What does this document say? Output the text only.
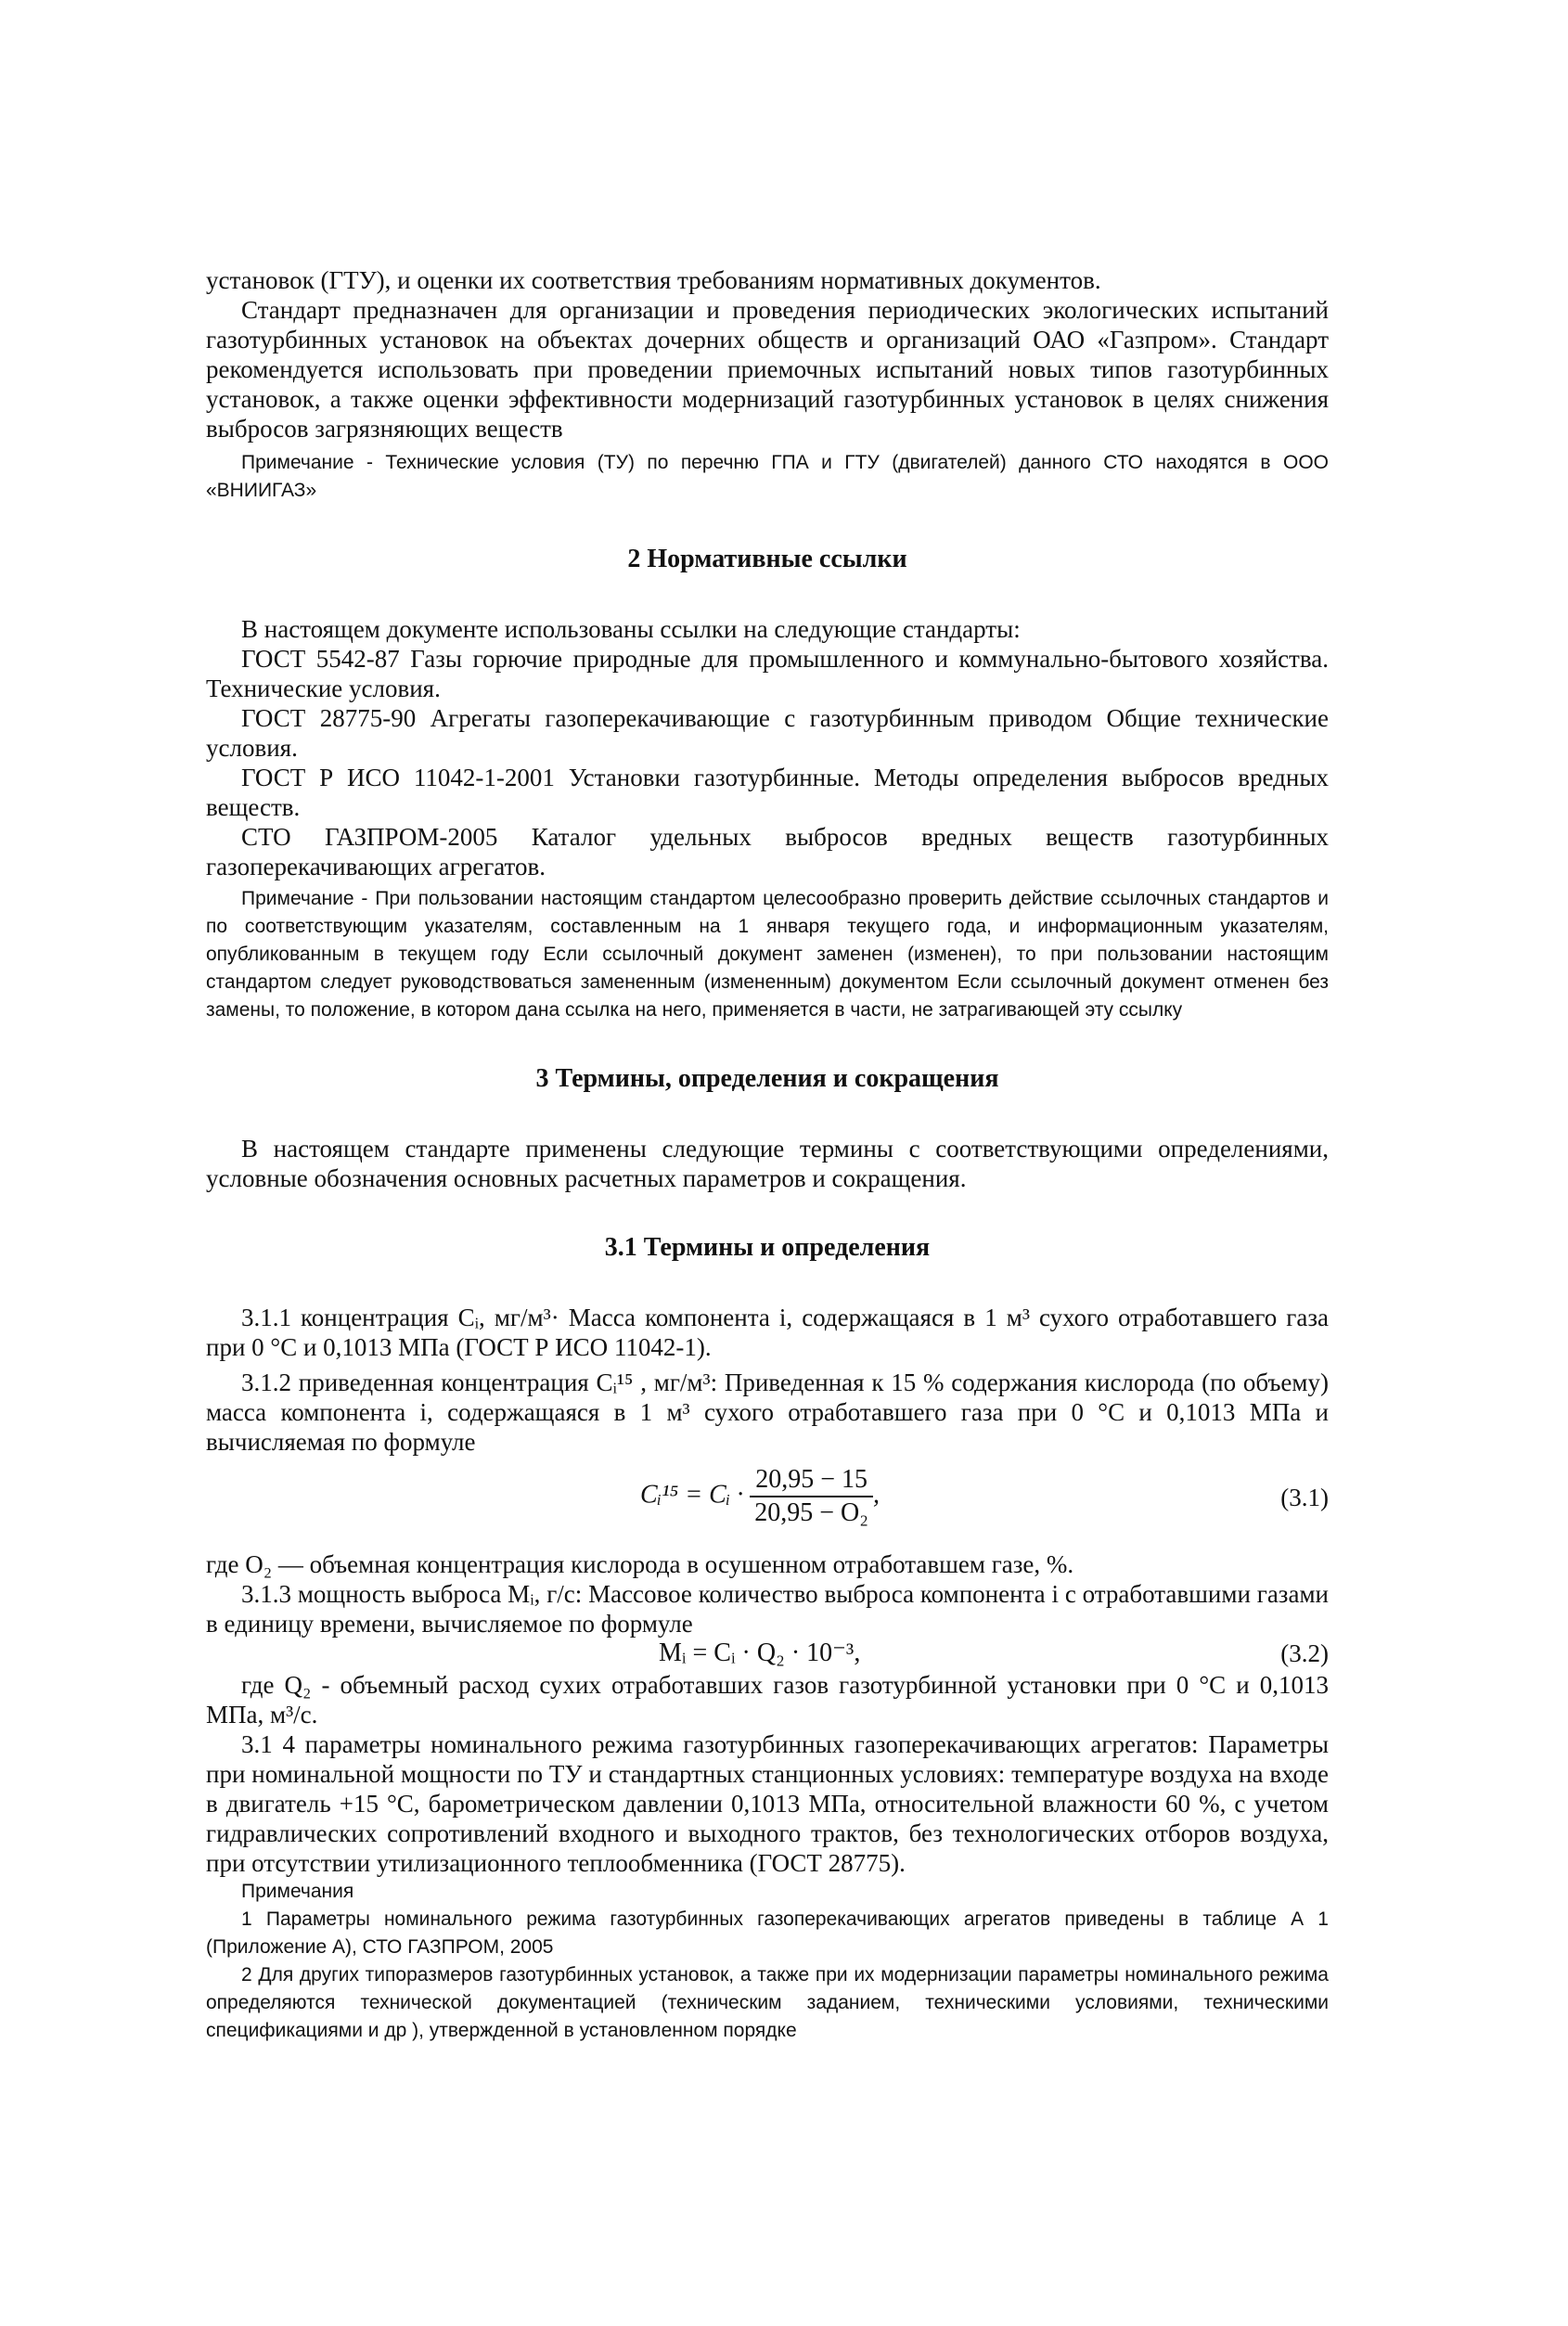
установок (ГТУ), и оценки их соответствия требованиям нормативных документов.

Стандарт предназначен для организации и проведения периодических экологических испытаний газотурбинных установок на объектах дочерних обществ и организаций ОАО «Газпром». Стандарт рекомендуется использовать при проведении приемочных испытаний новых типов газотурбинных установок, а также оценки эффективности модернизаций газотурбинных установок в целях снижения выбросов загрязняющих веществ

Примечание - Технические условия (ТУ) по перечню ГПА и ГТУ (двигателей) данного СТО находятся в ООО «ВНИИГАЗ»

2 Нормативные ссылки

В настоящем документе использованы ссылки на следующие стандарты:

ГОСТ 5542-87 Газы горючие природные для промышленного и коммунально-бытового хозяйства. Технические условия.

ГОСТ 28775-90 Агрегаты газоперекачивающие с газотурбинным приводом Общие технические условия.

ГОСТ Р ИСО 11042-1-2001 Установки газотурбинные. Методы определения выбросов вредных веществ.

СТО ГАЗПРОМ-2005 Каталог удельных выбросов вредных веществ газотурбинных газоперекачивающих агрегатов.

Примечание - При пользовании настоящим стандартом целесообразно проверить действие ссылочных стандартов и по соответствующим указателям, составленным на 1 января текущего года, и информационным указателям, опубликованным в текущем году Если ссылочный документ заменен (изменен), то при пользовании настоящим стандартом следует руководствоваться замененным (измененным) документом Если ссылочный документ отменен без замены, то положение, в котором дана ссылка на него, применяется в части, не затрагивающей эту ссылку

3 Термины, определения и сокращения

В настоящем стандарте применены следующие термины с соответствующими определениями, условные обозначения основных расчетных параметров и сокращения.

3.1 Термины и определения

3.1.1 концентрация Cᵢ, мг/м³· Масса компонента i, содержащаяся в 1 м³ сухого отработавшего газа при 0 °С и 0,1013 МПа (ГОСТ Р ИСО 11042-1).

3.1.2 приведенная концентрация Cᵢ¹⁵ , мг/м³: Приведенная к 15 % содержания кислорода (по объему) масса компонента i, содержащаяся в 1 м³ сухого отработавшего газа при 0 °С и 0,1013 МПа и вычисляемая по формуле

Cᵢ¹⁵ = Cᵢ · $\frac{20,95 - 15}{\text{20,95 − O₂}}$ ,	(3.1)

где O₂ — объемная концентрация кислорода в осушенном отработавшем газе, %.

3.1.3 мощность выброса Mᵢ, г/с: Массовое количество выброса компонента i с отработавшими газами в единицу времени, вычисляемое по формуле

Mᵢ = Cᵢ · Q₂ · 10⁻³,	(3.2)

где Q₂ - объемный расход сухих отработавших газов газотурбинной установки при 0 °С и 0,1013 МПа, м³/с.

3.1 4 параметры номинального режима газотурбинных газоперекачивающих агрегатов: Параметры при номинальной мощности по ТУ и стандартных станционных условиях: температуре воздуха на входе в двигатель +15 °С, барометрическом давлении 0,1013 МПа, относительной влажности 60 %, с учетом гидравлических сопротивлений входного и выходного трактов, без технологических отборов воздуха, при отсутствии утилизационного теплообменника (ГОСТ 28775).

Примечания

1 Параметры номинального режима газотурбинных газоперекачивающих агрегатов приведены в таблице А 1 (Приложение А), СТО ГАЗПРОМ, 2005

2 Для других типоразмеров газотурбинных установок, а также при их модернизации параметры номинального режима определяются технической документацией (техническим заданием, техническими условиями, техническими спецификациями и др ), утвержденной в установленном порядке
